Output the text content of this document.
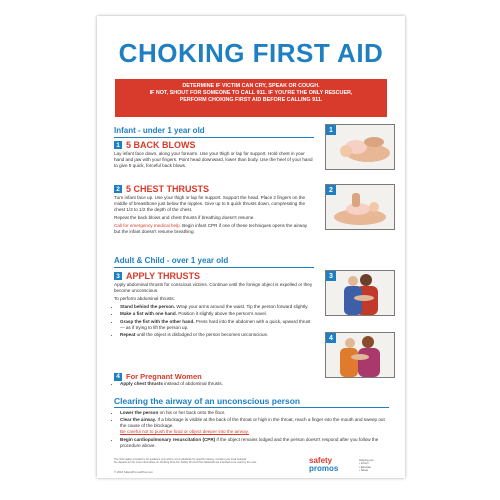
CHOKING FIRST AID
DETERMINE IF VICTIM CAN CRY, SPEAK OR COUGH.
IF NOT, SHOUT FOR SOMEONE TO CALL 911. IF YOU'RE THE ONLY RESCUER,
PERFORM CHOKING FIRST AID BEFORE CALLING 911.
Infant - under 1 year old
1 5 BACK BLOWS
Lay infant face down, along your forearm. Use your thigh or lap for support. Hold chest in your hand and jaw with your fingers. Point head downward, lower than body. Use the heel of your hand to give 5 quick, forceful back blows.
2 5 CHEST THRUSTS

Turn infant face up. Use your thigh or lap for support. Support the head. Place 2 fingers on the middle of breastbone just below the nipples. Give up to 5 quick thrusts down, compressing the chest 1/3 to 1/2 the depth of the chest.

Repeat the back blows and chest thrusts if breathing doesn't resume.

Call for emergency medical help. Begin infant CPR if one of these techniques opens the airway but the infant doesn't resume breathing.

Adult & Child - over 1 year old
3 APPLY THRUSTS

Apply abdominal thrusts for conscious victims. Continue until the foreign object is expelled or they become unconscious.

To perform abdominal thrusts:

• Stand behind the person. Wrap your arms around the waist. Tip the person forward slightly.
• Make a fist with one hand. Position it slightly above the person's navel.
• Grasp the fist with the other hand. Press hard into the abdomen with a quick, upward thrust — as if trying to lift the person up.
• Repeat until the object is dislodged or the person becomes unconscious.
4 For Pregnant Women
• Apply chest thrusts instead of abdominal thrusts.
Clearing the airway of an unconscious person
• Lower the person on his or her back onto the floor.
• Clear the airway. If a blockage is visible at the back of the throat or high in the throat, reach a finger into the mouth and sweep out the cause of the blockage.
Be careful not to push the food or object deeper into the airway.
• Begin cardiopulmonary resuscitation (CPR) if the object remains lodged and the person doesn't respond after you follow the procedure above.
1
2
3
4
The information provided is for guidance only and is not a substitute for specific training. Contact your local hospital,
fire department for more information on Choking First Aid. Safety Promos Plus Materials are intended to be used by the user.
© 2016 SafetyPromosPlus.com
safety
promos
Helping you
• Inform
• Educate
• Share
